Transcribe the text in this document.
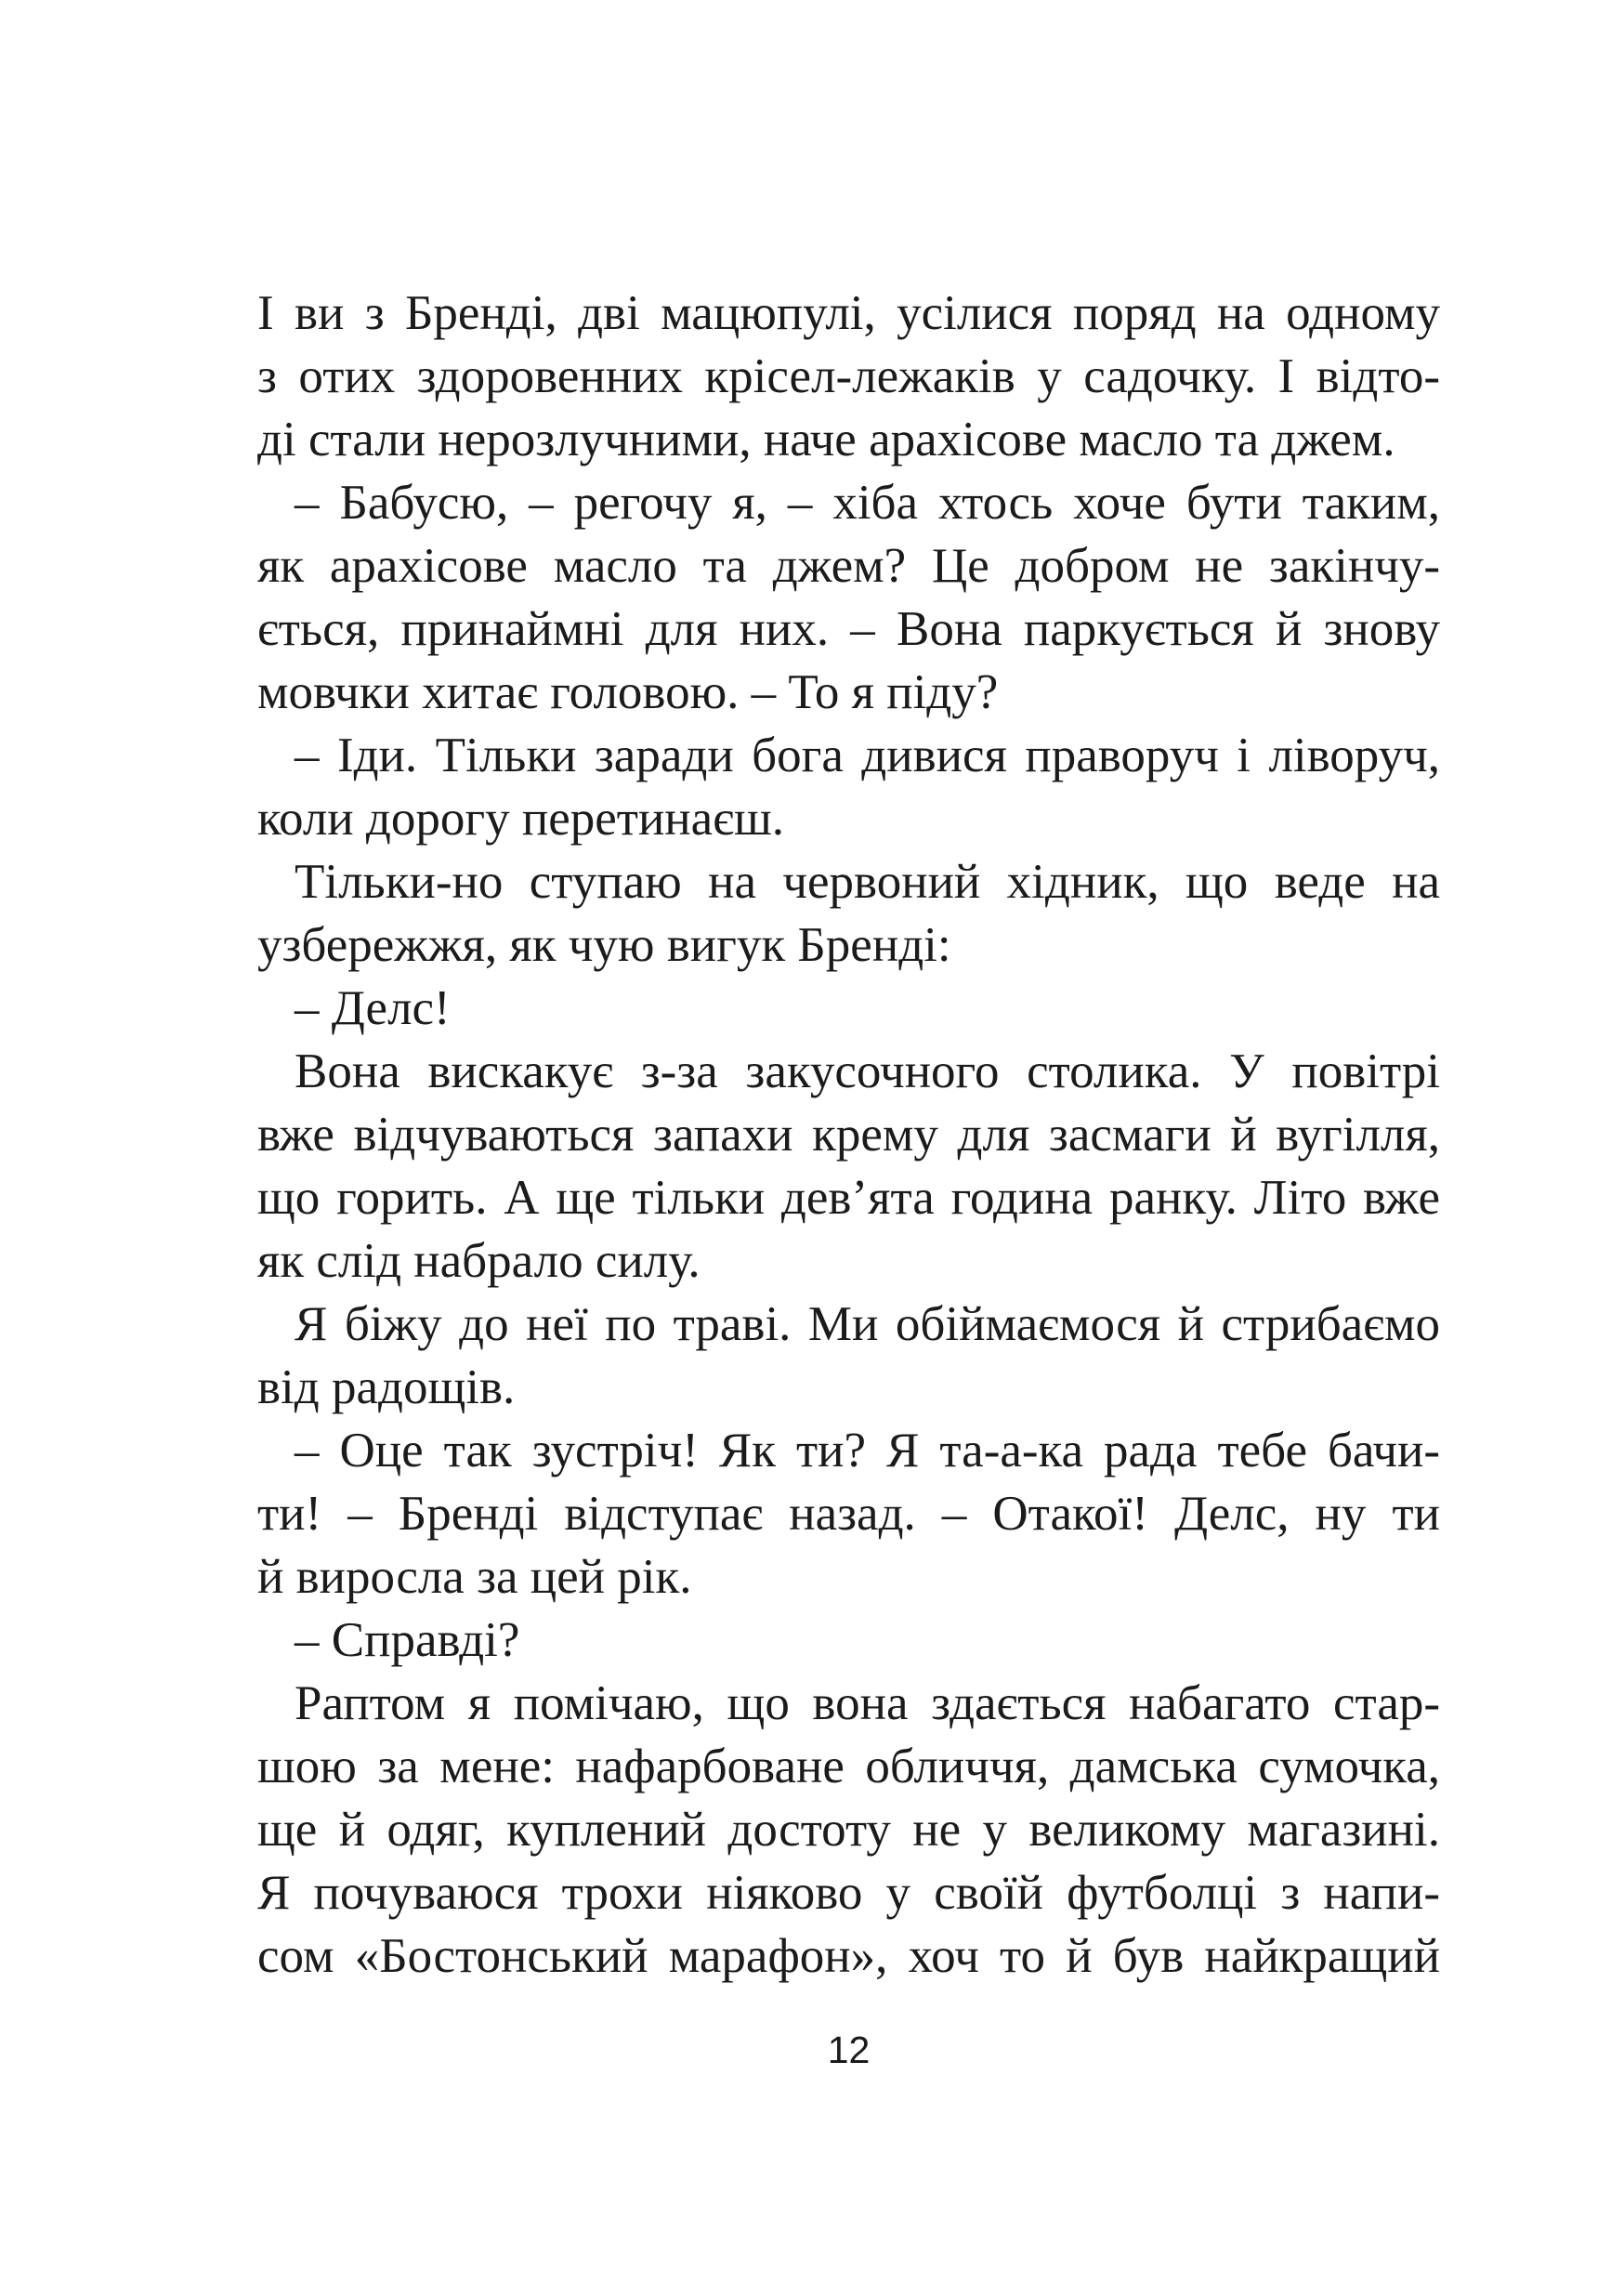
І ви з Бренді, дві мацюпулі, усілися поряд на одному
з отих здоровенних крісел-лежаків у садочку. І відто-
ді стали нерозлучними, наче арахісове масло та джем.
– Бабусю, – регочу я, – хіба хтось хоче бути таким,
як арахісове масло та джем? Це добром не закінчу-
ється, принаймні для них. – Вона паркується й знову
мовчки хитає головою. – То я піду?
– Іди. Тільки заради бога дивися праворуч і ліворуч,
коли дорогу перетинаєш.
Тільки-но ступаю на червоний хідник, що веде на
узбережжя, як чую вигук Бренді:
– Делс!
Вона вискакує з-за закусочного столика. У повітрі
вже відчуваються запахи крему для засмаги й вугілля,
що горить. А ще тільки дев’ята година ранку. Літо вже
як слід набрало силу.
Я біжу до неї по траві. Ми обіймаємося й стрибаємо
від радощів.
– Оце так зустріч! Як ти? Я та-а-ка рада тебе бачи-
ти! – Бренді відступає назад. – Отакої! Делс, ну ти
й виросла за цей рік.
– Справді?
Раптом я помічаю, що вона здається набагато стар-
шою за мене: нафарбоване обличчя, дамська сумочка,
ще й одяг, куплений достоту не у великому магазині.
Я почуваюся трохи ніяково у своїй футболці з напи-
сом «Бостонський марафон», хоч то й був найкращий
12
